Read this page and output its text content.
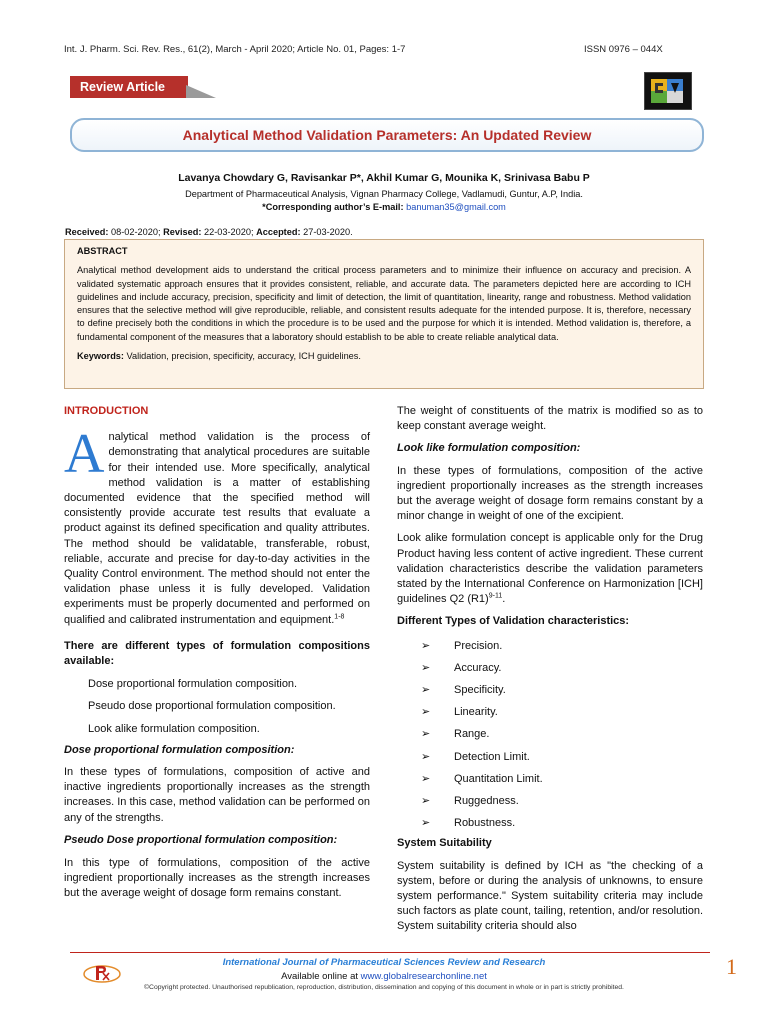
Int. J. Pharm. Sci. Rev. Res., 61(2), March - April 2020; Article No. 01, Pages: 1-7	ISSN 0976 – 044X
Review Article
Analytical Method Validation Parameters: An Updated Review
Lavanya Chowdary G, Ravisankar P*, Akhil Kumar G, Mounika K, Srinivasa Babu P
Department of Pharmaceutical Analysis, Vignan Pharmacy College, Vadlamudi, Guntur, A.P, India.
*Corresponding author’s E-mail: banuman35@gmail.com
Received: 08-02-2020; Revised: 22-03-2020; Accepted: 27-03-2020.

ABSTRACT

Analytical method development aids to understand the critical process parameters and to minimize their influence on accuracy and precision. A validated systematic approach ensures that it provides consistent, reliable, and accurate data. The parameters depicted here are according to ICH guidelines and include accuracy, precision, specificity and limit of detection, the limit of quantitation, linearity, range and robustness. Method validation ensures that the selective method will give reproducible, reliable, and consistent results adequate for the intended purpose. It is, therefore, necessary to define precisely both the conditions in which the procedure is to be used and the purpose for which it is intended. Method validation is, therefore, a fundamental component of the measures that a laboratory should establish to be able to create reliable analytical data.

Keywords: Validation, precision, specificity, accuracy, ICH guidelines.

INTRODUCTION

Analytical method validation is the process of demonstrating that analytical procedures are suitable for their intended use. More specifically, analytical method validation is a matter of establishing documented evidence that the specified method will consistently provide accurate test results that evaluate a product against its defined specification and quality attributes. The method should be validatable, transferable, robust, reliable, accurate and precise for day-to-day activities in the Quality Control environment. The method should not enter the validation phase unless it is fully developed. Validation experiments must be properly documented and performed on qualified and calibrated instrumentation and equipment.$^{1-8}$

There are different types of formulation compositions available:

Dose proportional formulation composition.

Pseudo dose proportional formulation composition.

Look alike formulation composition.

Dose proportional formulation composition:

In these types of formulations, composition of active and inactive ingredients proportionally increases as the strength increases. In this case, method validation can be performed on any of the strengths.

Pseudo Dose proportional formulation composition:

In this type of formulations, composition of the active ingredient proportionally increases as the strength increases but the average weight of dosage form remains constant.

The weight of constituents of the matrix is modified so as to keep constant average weight.

Look like formulation composition:

In these types of formulations, composition of the active ingredient proportionally increases as the strength increases but the average weight of dosage form remains constant by a minor change in weight of one of the excipient.

Look alike formulation concept is applicable only for the Drug Product having less content of active ingredient. These current validation characteristics describe the validation parameters stated by the International Conference on Harmonization [ICH] guidelines Q2 $(R1)^{9-11}$.

Different Types of Validation characteristics:

➢ Precision.
➢ Accuracy.
➢ Specificity.
➢ Linearity.
➢ Range.
➢ Detection Limit.
➢ Quantitation Limit.
➢ Ruggedness.
➢ Robustness.

System Suitability

System suitability is defined by ICH as "the checking of a system, before or during the analysis of unknowns, to ensure system performance." System suitability criteria may include such factors as plate count, tailing, retention, and/or resolution. System suitability criteria should also

International Journal of Pharmaceutical Sciences Review and Research
Available online at www.globalresearchonline.net
©Copyright protected. Unauthorised republication, reproduction, distribution, dissemination and copying of this document in whole or in part is strictly prohibited.
1
